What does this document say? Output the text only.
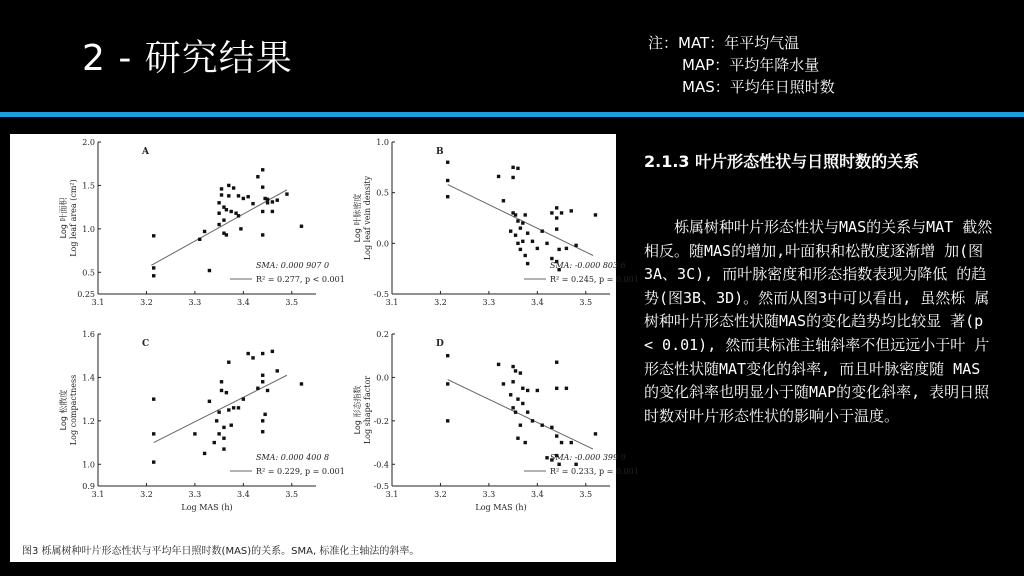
2 - 研究结果	注：MAT：年平均气温
MAP：平均年降水量
MAS：平均年日照时数
3.1	3.2	3.3	3.4	3.5
0.25
0.5
1.0
1.5
2.0
A
Log 叶面积 Log leaf area (cm²)
SMA: 0.000 907 0
R² = 0.277, p < 0.001
3.1	3.2	3.3	3.4	3.5
-0.5
0.0
0.5
1.0
B
Log 叶脉密度 Log leaf vein density
SMA: -0.000 803 6
R² = 0.245, p = 0.001
3.1	3.2	3.3	3.4	3.5
0.9
1.0
1.2
1.4
1.6
C
Log 松散度 Log compactness
Log MAS (h)
SMA: 0.000 400 8
R² = 0.229, p = 0.001
3.1	3.2	3.3	3.4	3.5
-0.5
-0.4
-0.2
0.0
0.2
D
Log 形态指数 Log shape factor
Log MAS (h)
SMA: -0.000 399 9
R² = 0.233, p = 0.001
图3 栎属树种叶片形态性状与平均年日照时数(MAS)的关系。SMA, 标准化主轴法的斜率。
2.1.3 叶片形态性状与日照时数的关系
栎属树种叶片形态性状与MAS的关系与MAT 截然相反。随MAS的增加,叶面积和松散度逐渐增 加(图3A、3C), 而叶脉密度和形态指数表现为降低 的趋势(图3B、3D)。然而从图3中可以看出, 虽然栎 属树种叶片形态性状随MAS的变化趋势均比较显 著(p < 0.01), 然而其标准主轴斜率不但远远小于叶 片形态性状随MAT变化的斜率, 而且叶脉密度随 MAS的变化斜率也明显小于随MAP的变化斜率, 表明日照时数对叶片形态性状的影响小于温度。
